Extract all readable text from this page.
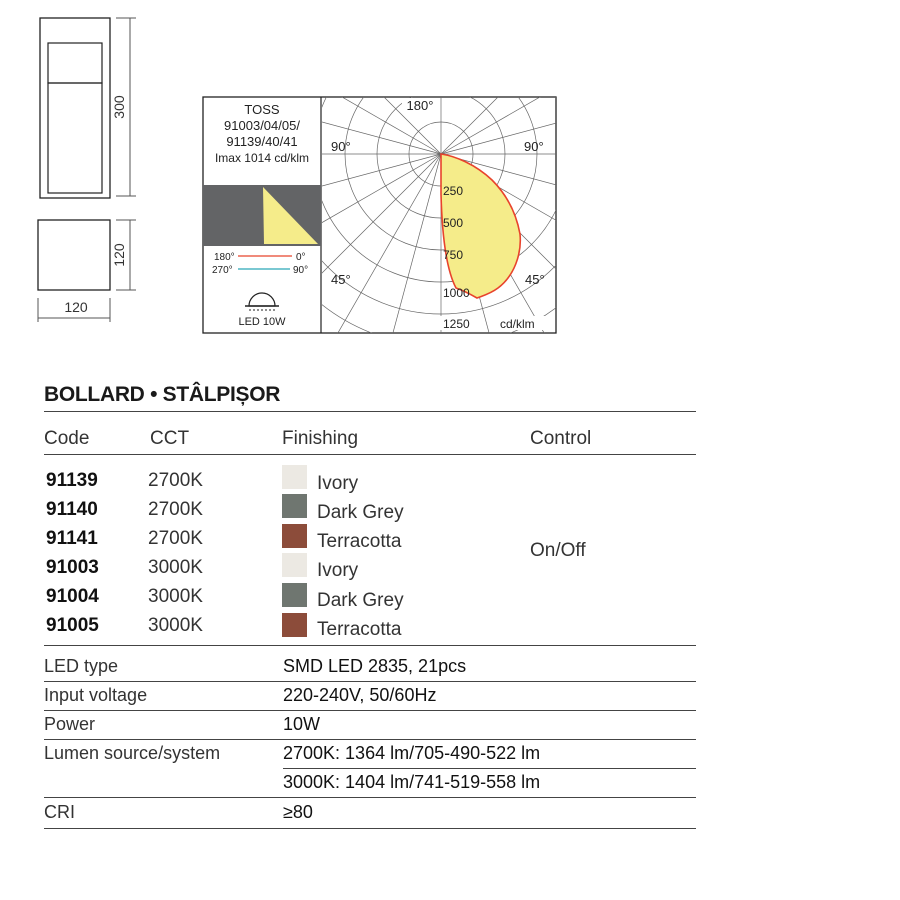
300
120
120
TOSS
91003/04/05/
91139/40/41
Imax 1014 cd/klm
180°	0°
270°	90°
LED 10W
180°
90°	90°
45°	45°
250
500
750
1000
1250	cd/klm
BOLLARD • STÂLPIȘOR
Code	CCT	Finishing	Control
91139	2700K	Ivory
91140	2700K	Dark Grey
91141	2700K	Terracotta
91003	3000K	Ivory
91004	3000K	Dark Grey
91005	3000K	Terracotta
On/Off
LED type	SMD LED 2835, 21pcs
Input voltage	220-240V, 50/60Hz
Power	10W
Lumen source/system	2700K: 1364 lm/705-490-522 lm
3000K: 1404 lm/741-519-558 lm
CRI	≥80
